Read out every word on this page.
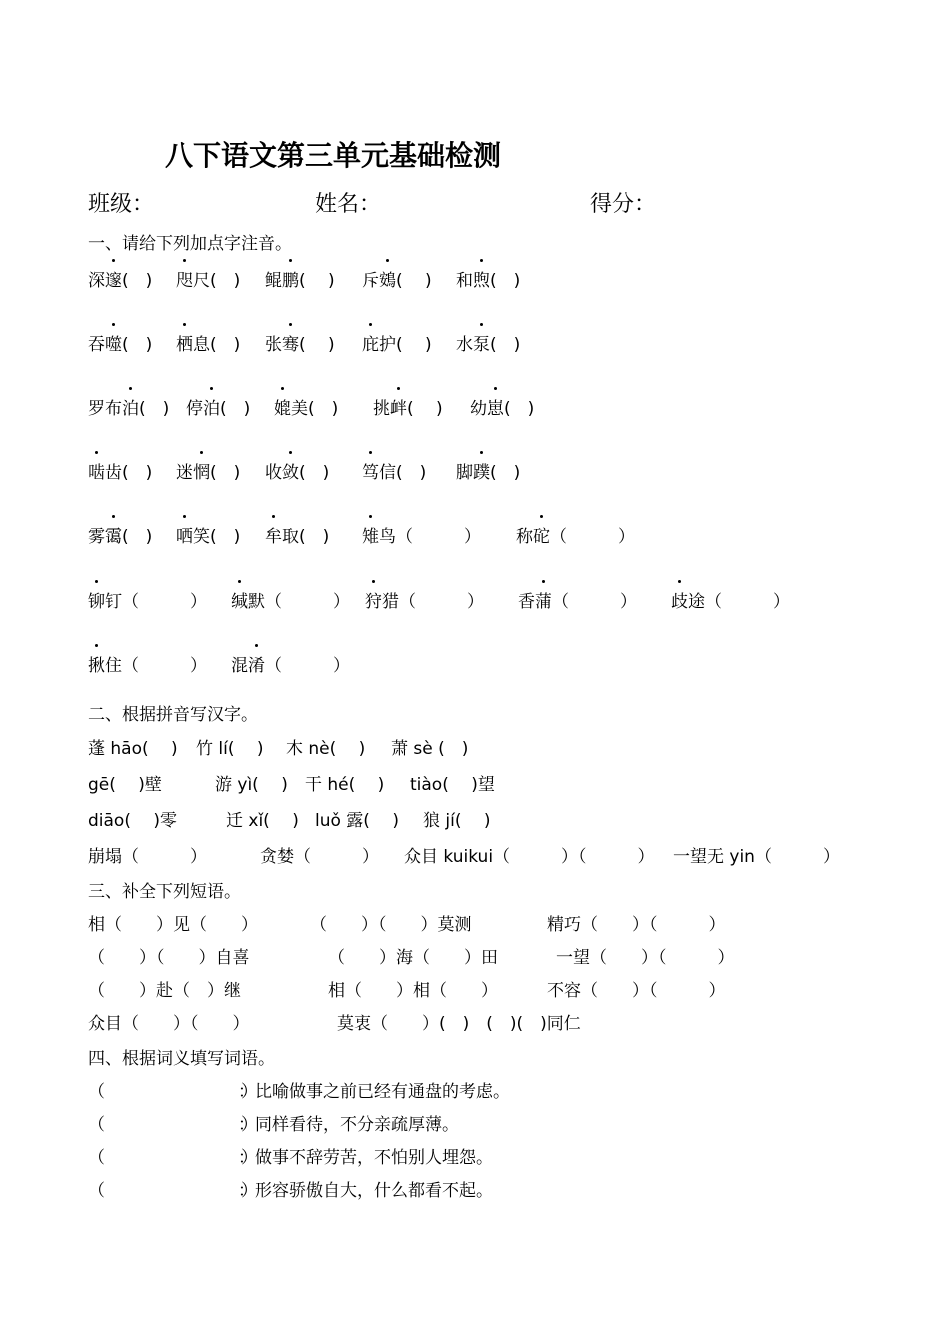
八下语文第三单元基础检测
班级：	姓名：	得分：
一、请给下列加点字注音。
深邃(　) 咫尺(　) 鲲鹏(　 ) 斥鴳(　 ) 和煦(　)
吞噬(　) 栖息(　) 张骞(　 ) 庇护(　 ) 水泵(　)
罗布泊(　) 停泊(　) 媲美(　) 挑衅(　 ) 幼崽(　)
啮齿(　) 迷惘(　) 收敛(　) 笃信(　) 脚蹼(　)
雾霭(　) 哂笑(　) 牟取(　) 雉鸟（　　　） 称砣（　　　）
铆钉（　　　） 缄默（　　　） 狩猎（　　　） 香蒲（　　　） 歧途（　　　）
揪住（　　　） 混淆（　　　）
二、根据拼音写汉字。
蓬 hāo(　 ) 竹 lí(　 ) 木 nè(　 ) 萧 sè (　)
gē(　 )壁	游 yì(　 ) 干 hé(　 ) tiào(　 )望
diāo(　 )零	迁 xǐ(　 ) luǒ 露(　 ) 狼 jí(　 )
崩塌（　　　）	贪婪（　　　） 众目 kuikui（　　　）（　　　） 一望无 yin（　　　）
三、补全下列短语。
相（　　）见（　　）	（　　）（　　）莫测	精巧（　　）（　　　）
（　　）（　　）自喜	（　　）海（　　）田	一望（　　）（　　　）
（　　）赴（　）继	相（　　）相（　　）	不容（　　）（　　　）
众目（　　）（　　）	莫衷（　　）(　)　(　)(　)同仁
四、根据词义填写词语。
（　　　　　　　　）
：比喻做事之前已经有通盘的考虑。
（　　　　　　　　）
：同样看待，不分亲疏厚薄。
（　　　　　　　　）
：做事不辞劳苦，不怕别人埋怨。
（　　　　　　　　）
：形容骄傲自大，什么都看不起。
